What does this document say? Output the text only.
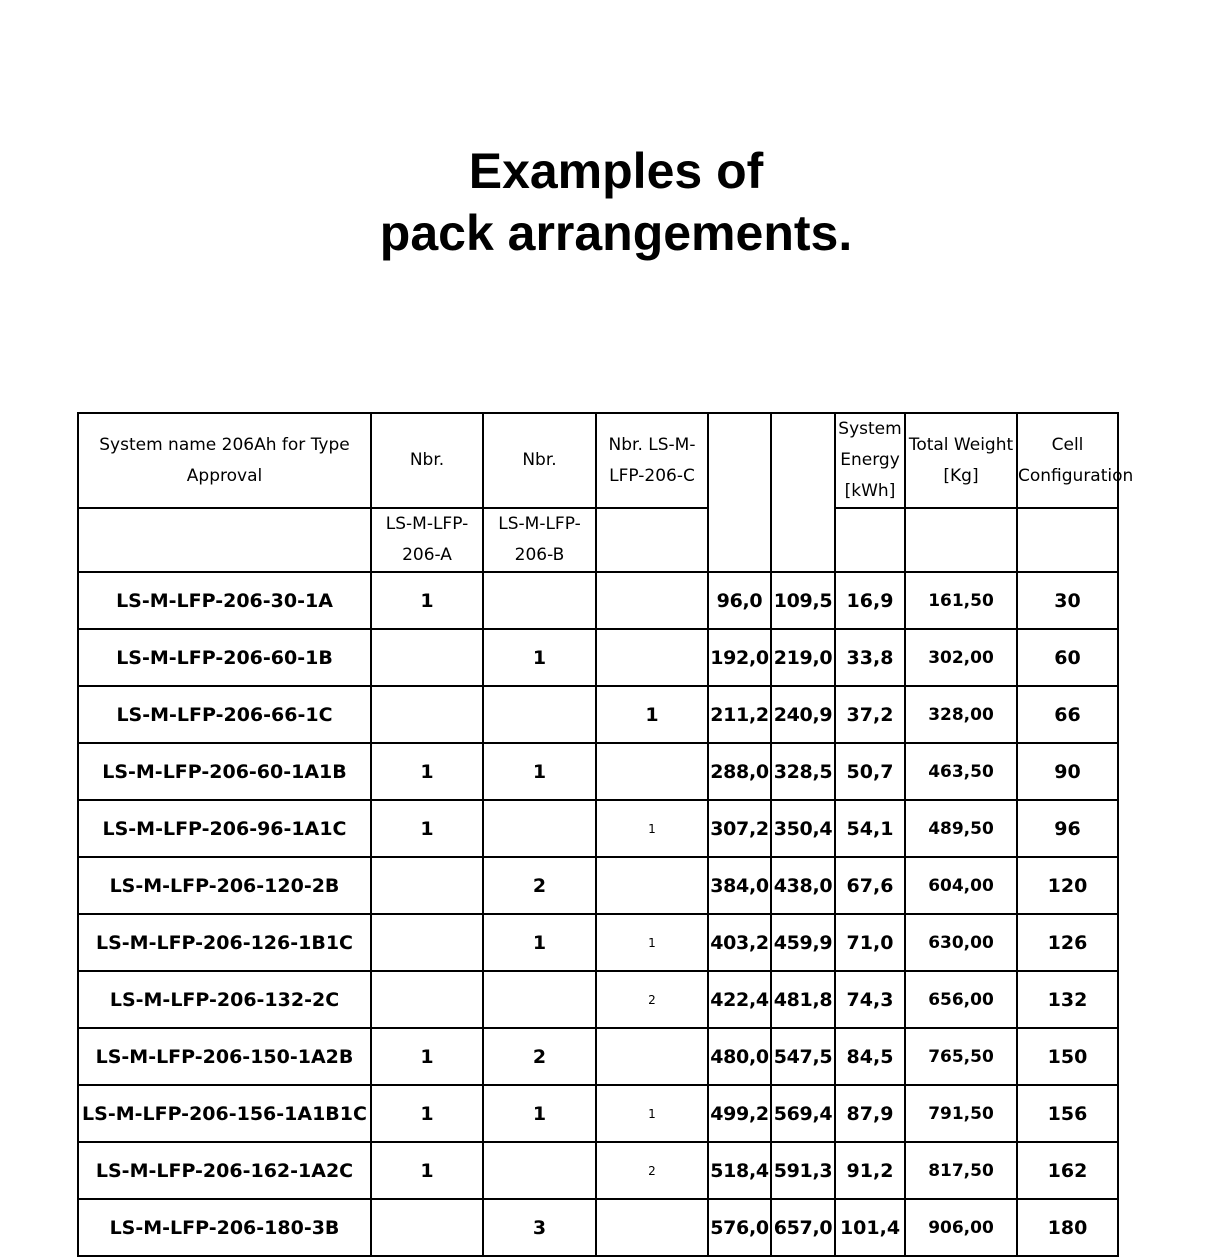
Examples of
pack arrangements.
System name 206Ah for Type Approval	Nbr.	Nbr.	Nbr. LS-M-LFP-206-C			System Energy [kWh]	Total Weight [Kg]	Cell Configuration
	LS-M-LFP-206-A	LS-M-LFP-206-B						
LS-M-LFP-206-30-1A	1			96,0	109,5	16,9	161,50	30
LS-M-LFP-206-60-1B		1		192,0	219,0	33,8	302,00	60
LS-M-LFP-206-66-1C			1	211,2	240,9	37,2	328,00	66
LS-M-LFP-206-60-1A1B	1	1		288,0	328,5	50,7	463,50	90
LS-M-LFP-206-96-1A1C	1		1	307,2	350,4	54,1	489,50	96
LS-M-LFP-206-120-2B		2		384,0	438,0	67,6	604,00	120
LS-M-LFP-206-126-1B1C		1	1	403,2	459,9	71,0	630,00	126
LS-M-LFP-206-132-2C			2	422,4	481,8	74,3	656,00	132
LS-M-LFP-206-150-1A2B	1	2		480,0	547,5	84,5	765,50	150
LS-M-LFP-206-156-1A1B1C	1	1	1	499,2	569,4	87,9	791,50	156
LS-M-LFP-206-162-1A2C	1		2	518,4	591,3	91,2	817,50	162
LS-M-LFP-206-180-3B		3		576,0	657,0	101,4	906,00	180
